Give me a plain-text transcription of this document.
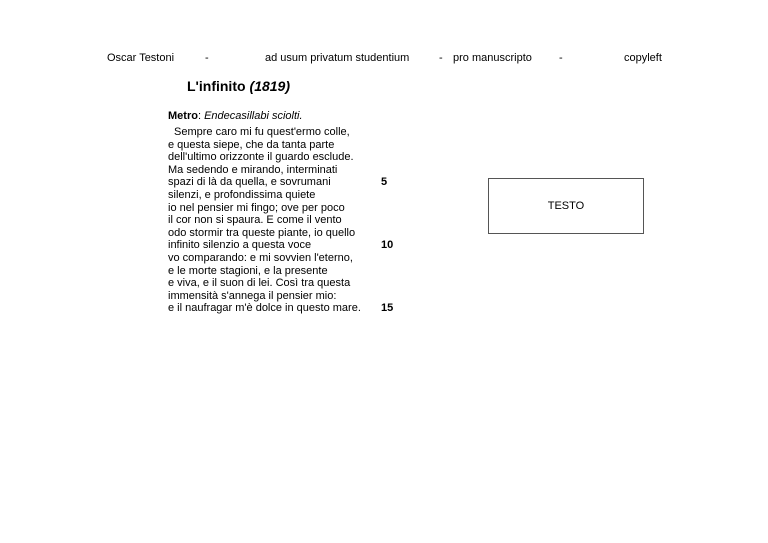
Oscar Testoni	-	ad usum privatum studentium	- pro manuscripto -	copyleft
L'infinito (1819)
Metro: Endecasillabi sciolti.
Sempre caro mi fu quest'ermo colle,
e questa siepe, che da tanta parte
dell'ultimo orizzonte il guardo esclude.
Ma sedendo e mirando, interminati
spazi di là da quella, e sovrumani	5
silenzi, e profondissima quiete
io nel pensier mi fingo; ove per poco
il cor non si spaura. E come il vento
odo stormir tra queste piante, io quello
infinito silenzio a questa voce	10
vo comparando: e mi sovvien l'eterno,
e le morte stagioni, e la presente
e viva, e il suon di lei. Così tra questa
immensità s'annega il pensier mio:
e il naufragar m'è dolce in questo mare. 15
TESTO
